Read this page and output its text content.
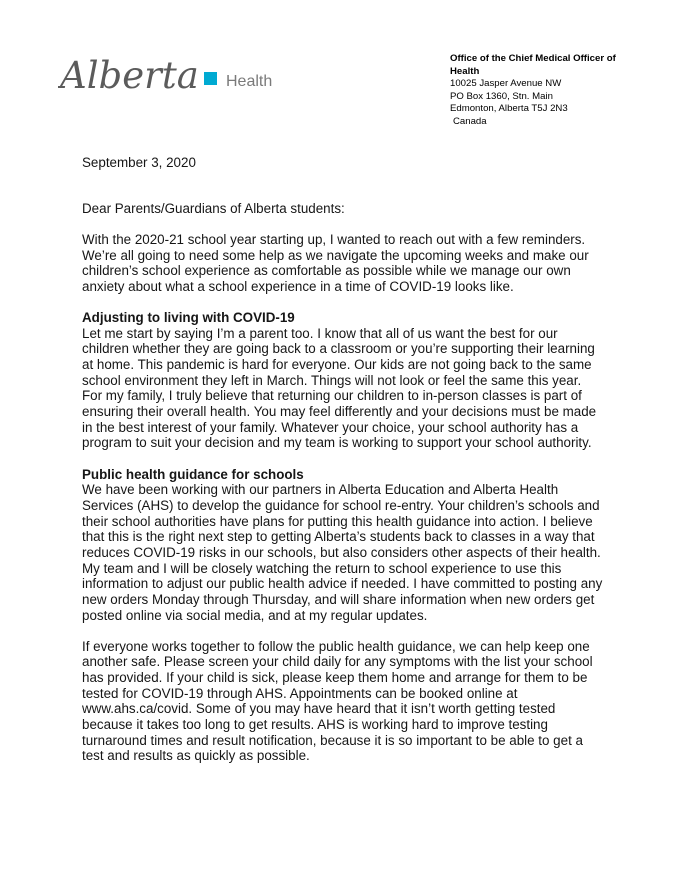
Alberta Health
Office of the Chief Medical Officer of
Health
10025 Jasper Avenue NW
PO Box 1360, Stn. Main
Edmonton, Alberta T5J 2N3
Canada
September 3, 2020
Dear Parents/Guardians of Alberta students:
With the 2020-21 school year starting up, I wanted to reach out with a few reminders.
We’re all going to need some help as we navigate the upcoming weeks and make our
children’s school experience as comfortable as possible while we manage our own
anxiety about what a school experience in a time of COVID-19 looks like.
Adjusting to living with COVID-19
Let me start by saying I’m a parent too. I know that all of us want the best for our
children whether they are going back to a classroom or you’re supporting their learning
at home. This pandemic is hard for everyone. Our kids are not going back to the same
school environment they left in March. Things will not look or feel the same this year.
For my family, I truly believe that returning our children to in-person classes is part of
ensuring their overall health. You may feel differently and your decisions must be made
in the best interest of your family. Whatever your choice, your school authority has a
program to suit your decision and my team is working to support your school authority.
Public health guidance for schools
We have been working with our partners in Alberta Education and Alberta Health
Services (AHS) to develop the guidance for school re-entry. Your children’s schools and
their school authorities have plans for putting this health guidance into action. I believe
that this is the right next step to getting Alberta’s students back to classes in a way that
reduces COVID-19 risks in our schools, but also considers other aspects of their health.
My team and I will be closely watching the return to school experience to use this
information to adjust our public health advice if needed. I have committed to posting any
new orders Monday through Thursday, and will share information when new orders get
posted online via social media, and at my regular updates.
If everyone works together to follow the public health guidance, we can help keep one
another safe. Please screen your child daily for any symptoms with the list your school
has provided. If your child is sick, please keep them home and arrange for them to be
tested for COVID-19 through AHS. Appointments can be booked online at
www.ahs.ca/covid. Some of you may have heard that it isn’t worth getting tested
because it takes too long to get results. AHS is working hard to improve testing
turnaround times and result notification, because it is so important to be able to get a
test and results as quickly as possible.
